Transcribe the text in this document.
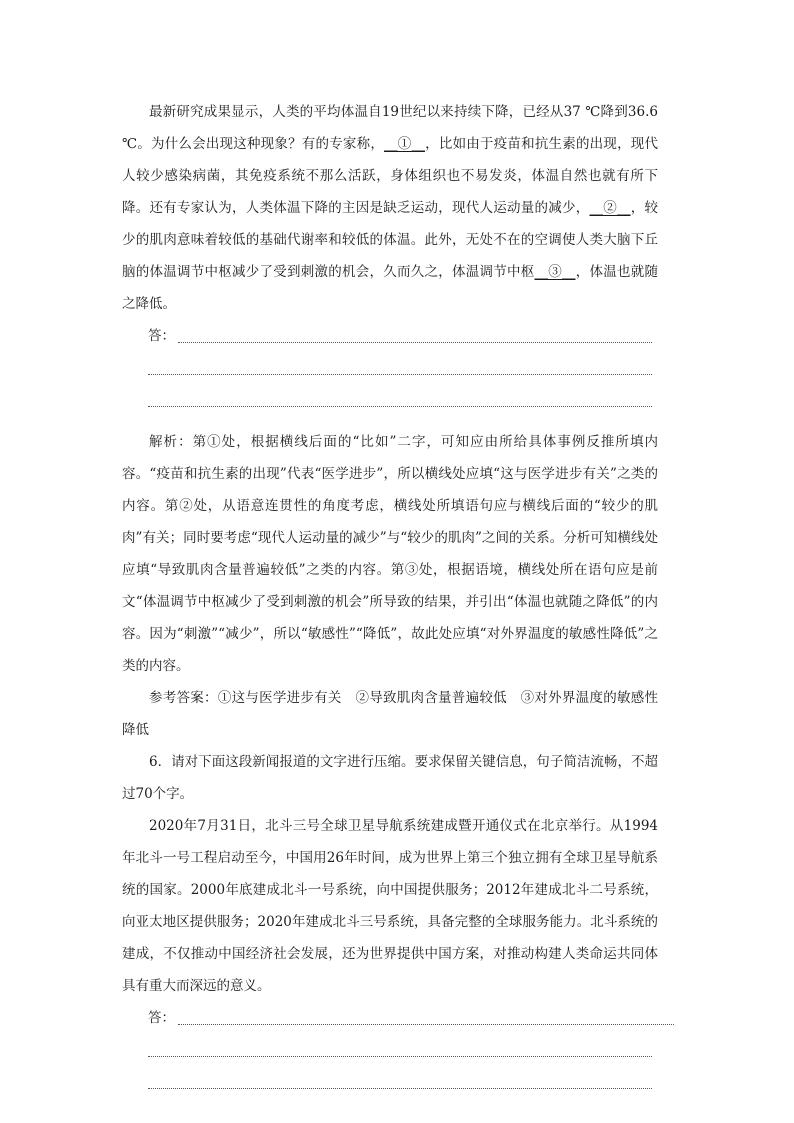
最新研究成果显示，人类的平均体温自19世纪以来持续下降，已经从37 ℃降到36.6 ℃。为什么会出现这种现象？有的专家称，__①__，比如由于疫苗和抗生素的出现，现代人较少感染病菌，其免疫系统不那么活跃，身体组织也不易发炎，体温自然也就有所下降。还有专家认为，人类体温下降的主因是缺乏运动，现代人运动量的减少，__②__，较少的肌肉意味着较低的基础代谢率和较低的体温。此外，无处不在的空调使人类大脑下丘脑的体温调节中枢减少了受到刺激的机会，久而久之，体温调节中枢__③__，体温也就随之降低。

答：

解析：第①处，根据横线后面的“比如”二字，可知应由所给具体事例反推所填内容。“疫苗和抗生素的出现”代表“医学进步”，所以横线处应填“这与医学进步有关”之类的内容。第②处，从语意连贯性的角度考虑，横线处所填语句应与横线后面的“较少的肌肉”有关；同时要考虑“现代人运动量的减少”与“较少的肌肉”之间的关系。分析可知横线处应填“导致肌肉含量普遍较低”之类的内容。第③处，根据语境，横线处所在语句应是前文“体温调节中枢减少了受到刺激的机会”所导致的结果，并引出“体温也就随之降低”的内容。因为“刺激”“减少”，所以“敏感性”“降低”，故此处应填“对外界温度的敏感性降低”之类的内容。

参考答案：①这与医学进步有关　②导致肌肉含量普遍较低　③对外界温度的敏感性降低

6．请对下面这段新闻报道的文字进行压缩。要求保留关键信息，句子简洁流畅，不超过70个字。

2020年7月31日，北斗三号全球卫星导航系统建成暨开通仪式在北京举行。从1994年北斗一号工程启动至今，中国用26年时间，成为世界上第三个独立拥有全球卫星导航系统的国家。2000年底建成北斗一号系统，向中国提供服务；2012年建成北斗二号系统，向亚太地区提供服务；2020年建成北斗三号系统，具备完整的全球服务能力。北斗系统的建成，不仅推动中国经济社会发展，还为世界提供中国方案，对推动构建人类命运共同体具有重大而深远的意义。

答：
